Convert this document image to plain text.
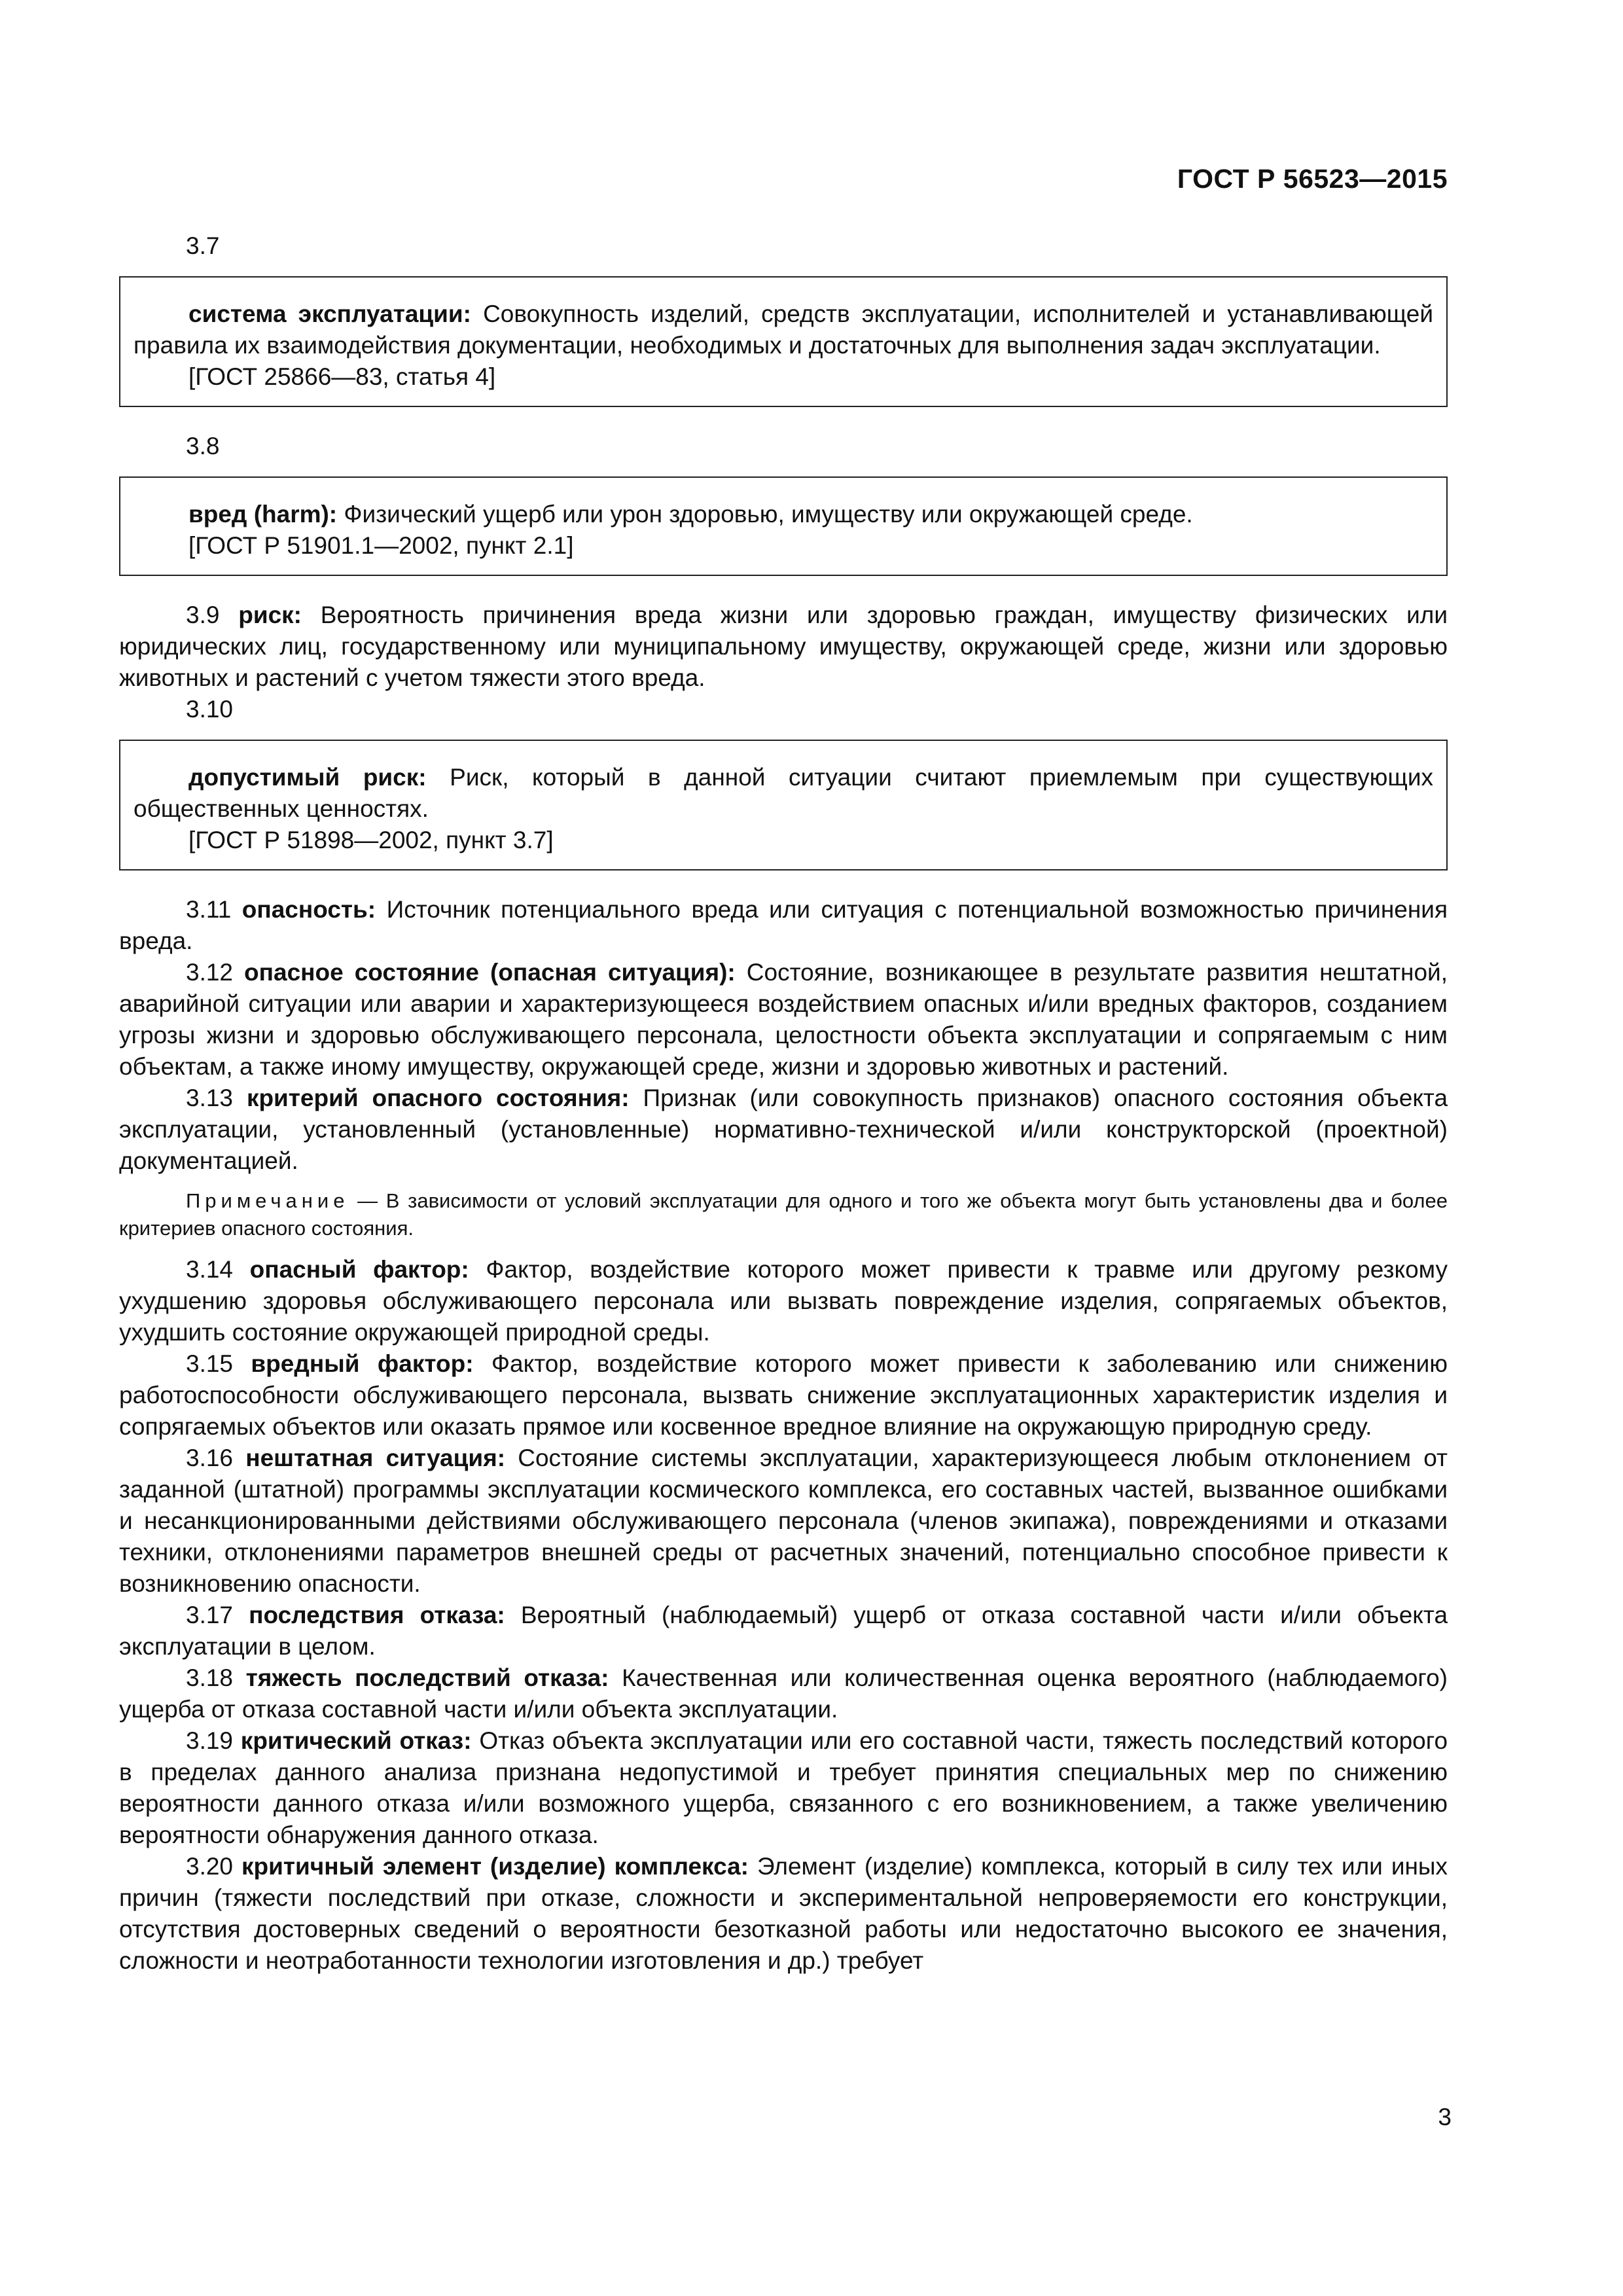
ГОСТ Р 56523—2015

3.7

система эксплуатации: Совокупность изделий, средств эксплуатации, исполнителей и устанавливающей правила их взаимодействия документации, необходимых и достаточных для выполнения задач эксплуатации.

[ГОСТ 25866—83, статья 4]

3.8

вред (harm): Физический ущерб или урон здоровью, имуществу или окружающей среде.

[ГОСТ Р 51901.1—2002, пункт 2.1]

3.9 риск: Вероятность причинения вреда жизни или здоровью граждан, имуществу физических или юридических лиц, государственному или муниципальному имуществу, окружающей среде, жизни или здоровью животных и растений с учетом тяжести этого вреда.

3.10

допустимый риск: Риск, который в данной ситуации считают приемлемым при существующих общественных ценностях.

[ГОСТ Р 51898—2002, пункт 3.7]

3.11 опасность: Источник потенциального вреда или ситуация с потенциальной возможностью причинения вреда.

3.12 опасное состояние (опасная ситуация): Состояние, возникающее в результате развития нештатной, аварийной ситуации или аварии и характеризующееся воздействием опасных и/или вредных факторов, созданием угрозы жизни и здоровью обслуживающего персонала, целостности объекта эксплуатации и сопрягаемым с ним объектам, а также иному имуществу, окружающей среде, жизни и здоровью животных и растений.

3.13 критерий опасного состояния: Признак (или совокупность признаков) опасного состояния объекта эксплуатации, установленный (установленные) нормативно-технической и/или конструкторской (проектной) документацией.

Примечание — В зависимости от условий эксплуатации для одного и того же объекта могут быть установлены два и более критериев опасного состояния.

3.14 опасный фактор: Фактор, воздействие которого может привести к травме или другому резкому ухудшению здоровья обслуживающего персонала или вызвать повреждение изделия, сопрягаемых объектов, ухудшить состояние окружающей природной среды.

3.15 вредный фактор: Фактор, воздействие которого может привести к заболеванию или снижению работоспособности обслуживающего персонала, вызвать снижение эксплуатационных характеристик изделия и сопрягаемых объектов или оказать прямое или косвенное вредное влияние на окружающую природную среду.

3.16 нештатная ситуация: Состояние системы эксплуатации, характеризующееся любым отклонением от заданной (штатной) программы эксплуатации космического комплекса, его составных частей, вызванное ошибками и несанкционированными действиями обслуживающего персонала (членов экипажа), повреждениями и отказами техники, отклонениями параметров внешней среды от расчетных значений, потенциально способное привести к возникновению опасности.

3.17 последствия отказа: Вероятный (наблюдаемый) ущерб от отказа составной части и/или объекта эксплуатации в целом.

3.18 тяжесть последствий отказа: Качественная или количественная оценка вероятного (наблюдаемого) ущерба от отказа составной части и/или объекта эксплуатации.

3.19 критический отказ: Отказ объекта эксплуатации или его составной части, тяжесть последствий которого в пределах данного анализа признана недопустимой и требует принятия специальных мер по снижению вероятности данного отказа и/или возможного ущерба, связанного с его возникновением, а также увеличению вероятности обнаружения данного отказа.

3.20 критичный элемент (изделие) комплекса: Элемент (изделие) комплекса, который в силу тех или иных причин (тяжести последствий при отказе, сложности и экспериментальной непроверяемости его конструкции, отсутствия достоверных сведений о вероятности безотказной работы или недостаточно высокого ее значения, сложности и неотработанности технологии изготовления и др.) требует

3
